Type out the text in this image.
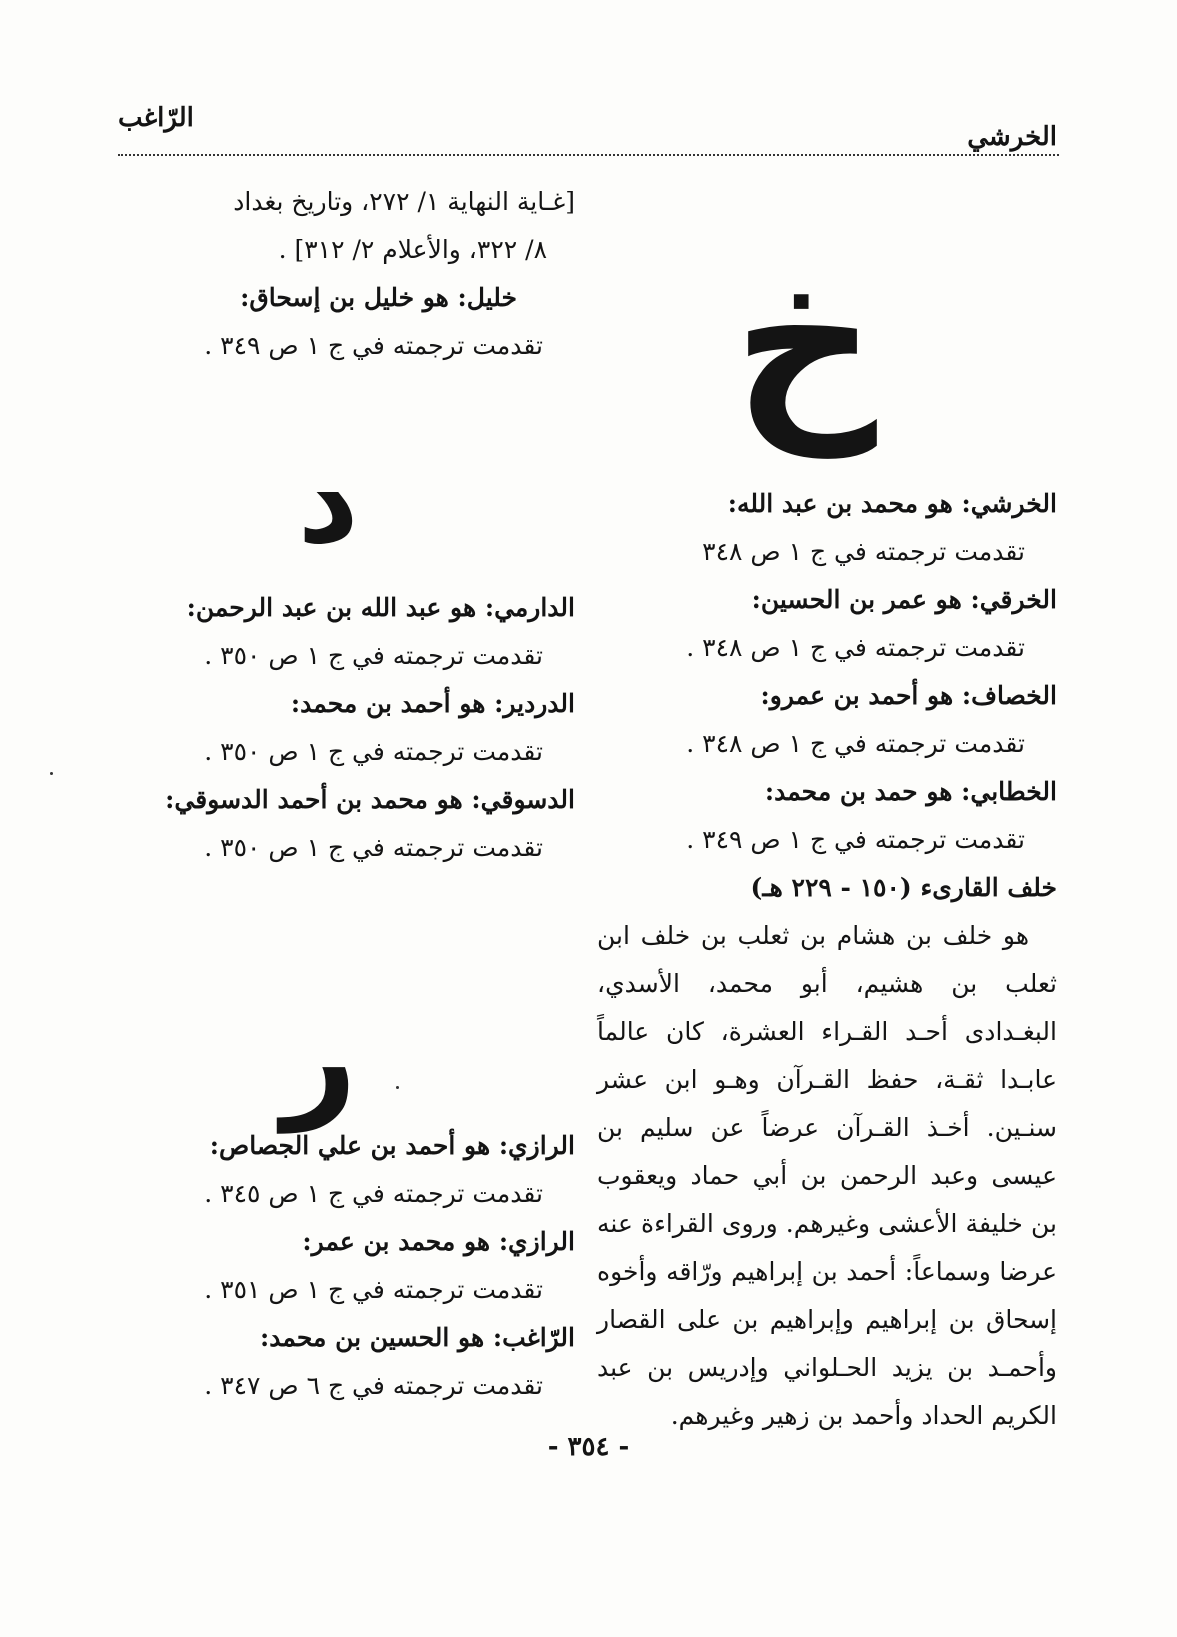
الخرشي
الرّاغب
[غـاية النهاية ١/ ٢٧٢، وتاريخ بغداد
٨/ ٣٢٢، والأعلام ٢/ ٣١٢] .
خليل: هو خليل بن إسحاق:
تقدمت ترجمته في ج ١ ص ٣٤٩ . خ
د
الدارمي: هو عبد الله بن عبد الرحمن:
تقدمت ترجمته في ج ١ ص ٣٥٠ .
الدردير: هو أحمد بن محمد:
تقدمت ترجمته في ج ١ ص ٣٥٠ .
الدسوقي: هو محمد بن أحمد الدسوقي:
تقدمت ترجمته في ج ١ ص ٣٥٠ .
ر
الرازي: هو أحمد بن علي الجصاص:
تقدمت ترجمته في ج ١ ص ٣٤٥ .
الرازي: هو محمد بن عمر:
تقدمت ترجمته في ج ١ ص ٣٥١ .
الرّاغب: هو الحسين بن محمد:
تقدمت ترجمته في ج ٦ ص ٣٤٧ .
الخرشي: هو محمد بن عبد الله:
تقدمت ترجمته في ج ١ ص ٣٤٨
الخرقي: هو عمر بن الحسين:
تقدمت ترجمته في ج ١ ص ٣٤٨ .
الخصاف: هو أحمد بن عمرو:
تقدمت ترجمته في ج ١ ص ٣٤٨ .
الخطابي: هو حمد بن محمد:
تقدمت ترجمته في ج ١ ص ٣٤٩ .
خلف القارىء (١٥٠ - ٢٢٩ هـ)
هو خلف بن هشام بن ثعلب بن خلف ابن ثعلب بن هشيم، أبو محمد، الأسدي، البغـدادى أحـد القـراء العشرة، كان عالماً عابـدا ثقـة، حفظ القـرآن وهـو ابن عشر سنـين. أخـذ القـرآن عرضاً عن سليم بن عيسى وعبد الرحمن بن أبي حماد ويعقوب بن خليفة الأعشى وغيرهم. وروى القراءة عنه عرضا وسماعاً: أحمد بن إبراهيم ورّاقه وأخوه إسحاق بن إبراهيم وإبراهيم بن على القصار وأحمـد بن يزيد الحـلواني وإدريس بن عبد الكريم الحداد وأحمد بن زهير وغيرهم.
- ٣٥٤ -
